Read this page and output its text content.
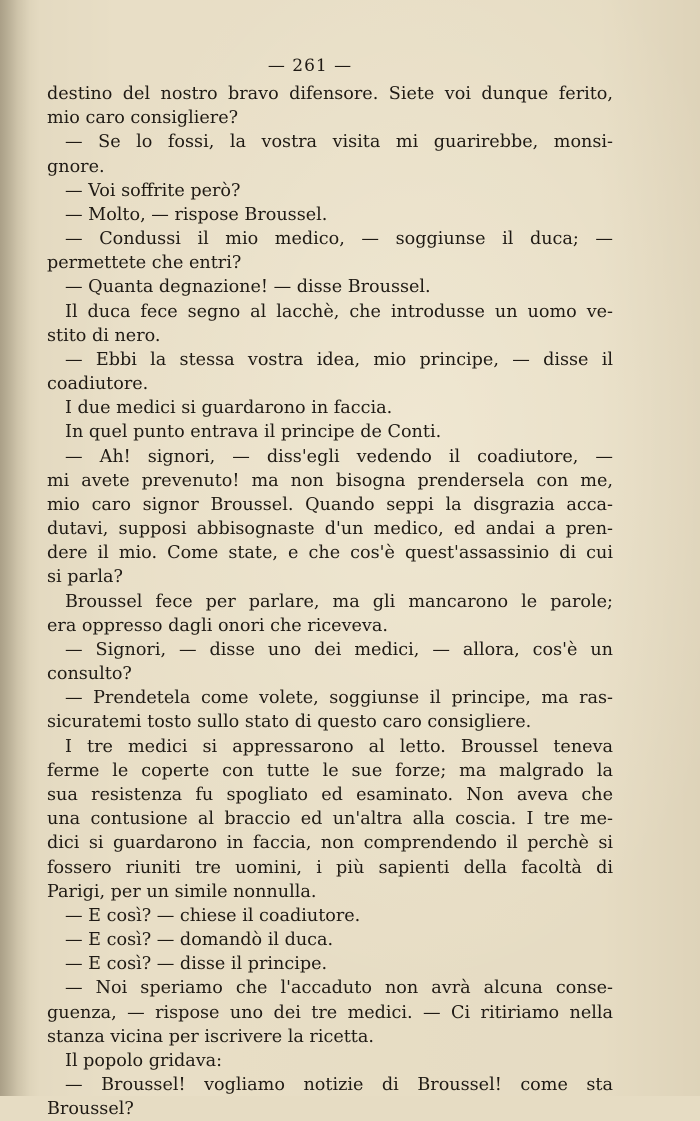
— 261 —
destino del nostro bravo difensore. Siete voi dunque ferito,
mio caro consigliere?
— Se lo fossi, la vostra visita mi guarirebbe, monsi-
gnore.
— Voi soffrite però?
— Molto, — rispose Broussel.
— Condussi il mio medico, — soggiunse il duca; —
permettete che entri?
— Quanta degnazione! — disse Broussel.
Il duca fece segno al lacchè, che introdusse un uomo ve-
stito di nero.
— Ebbi la stessa vostra idea, mio principe, — disse il
coadiutore.
I due medici si guardarono in faccia.
In quel punto entrava il principe de Conti.
— Ah! signori, — diss'egli vedendo il coadiutore, —
mi avete prevenuto! ma non bisogna prendersela con me,
mio caro signor Broussel. Quando seppi la disgrazia acca-
dutavi, supposi abbisognaste d'un medico, ed andai a pren-
dere il mio. Come state, e che cos'è quest'assassinio di cui
si parla?
Broussel fece per parlare, ma gli mancarono le parole;
era oppresso dagli onori che riceveva.
— Signori, — disse uno dei medici, — allora, cos'è un
consulto?
— Prendetela come volete, soggiunse il principe, ma ras-
sicuratemi tosto sullo stato di questo caro consigliere.
I tre medici si appressarono al letto. Broussel teneva
ferme le coperte con tutte le sue forze; ma malgrado la
sua resistenza fu spogliato ed esaminato. Non aveva che
una contusione al braccio ed un'altra alla coscia. I tre me-
dici si guardarono in faccia, non comprendendo il perchè si
fossero riuniti tre uomini, i più sapienti della facoltà di
Parigi, per un simile nonnulla.
— E così? — chiese il coadiutore.
— E così? — domandò il duca.
— E così? — disse il principe.
— Noi speriamo che l'accaduto non avrà alcuna conse-
guenza, — rispose uno dei tre medici. — Ci ritiriamo nella
stanza vicina per iscrivere la ricetta.
Il popolo gridava:
— Broussel! vogliamo notizie di Broussel! come sta
Broussel?
